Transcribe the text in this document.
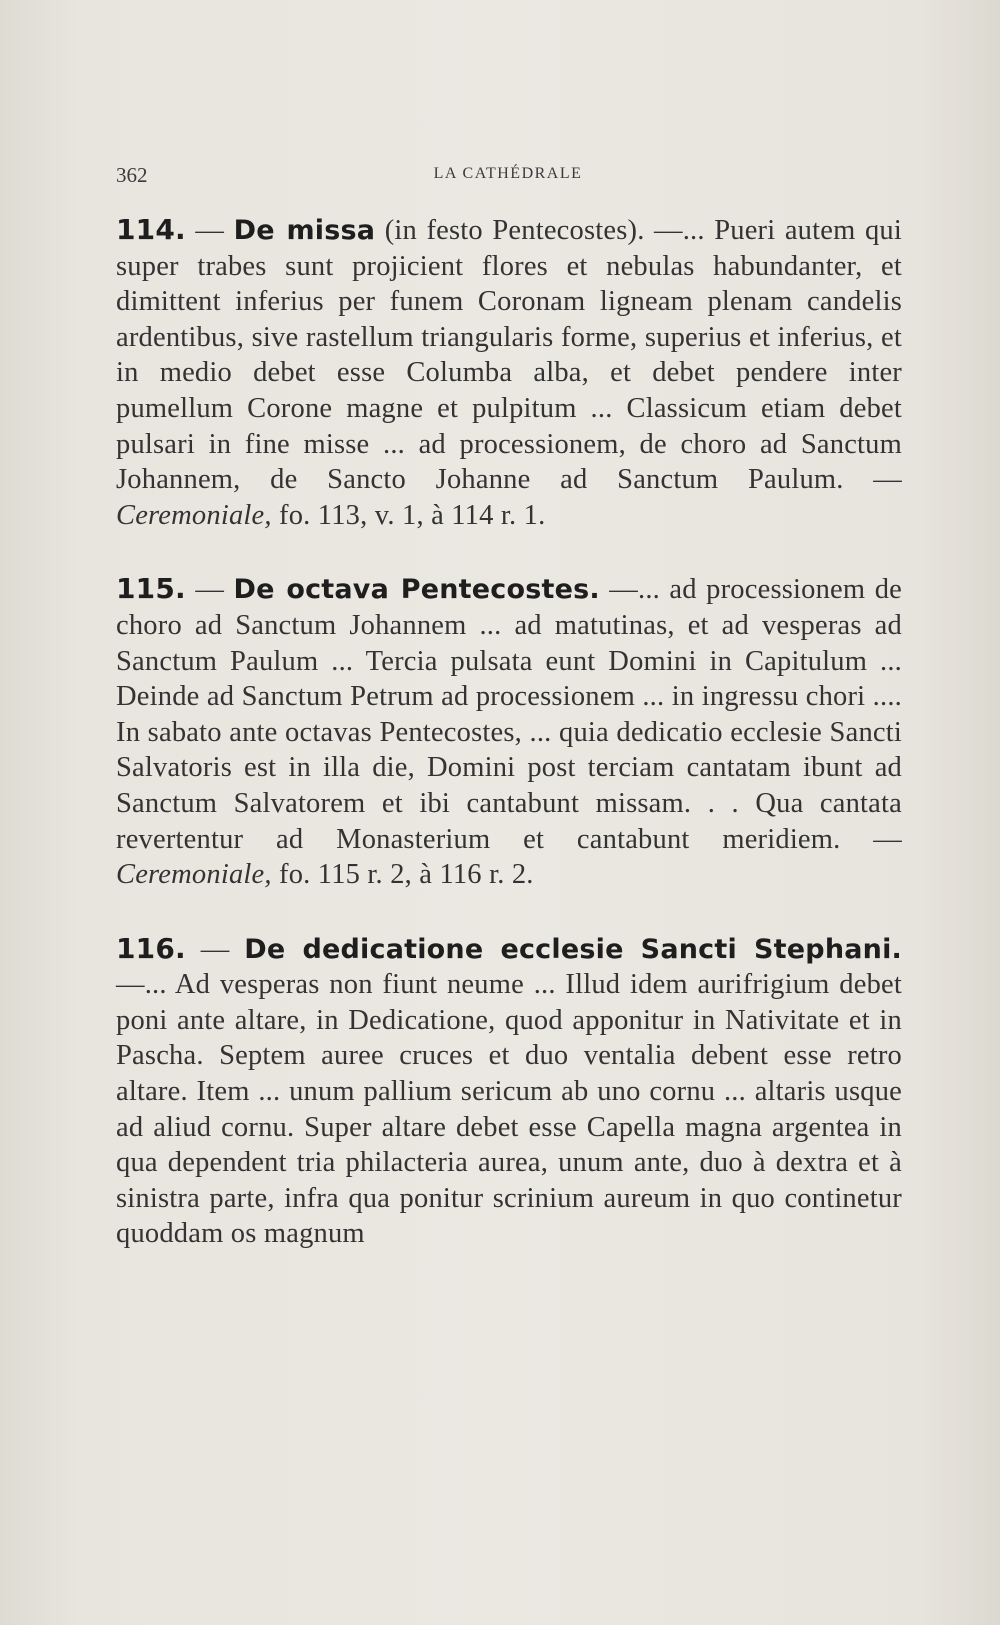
362	LA CATHÉDRALE

114. — De missa (in festo Pentecostes). —... Pueri autem qui super trabes sunt projicient flores et nebulas habundanter, et dimittent inferius per funem Coronam ligneam plenam candelis ardentibus, sive rastellum triangularis forme, superius et inferius, et in medio debet esse Columba alba, et debet pendere inter pumellum Corone magne et pulpitum ... Classicum etiam debet pulsari in fine misse ... ad processionem, de choro ad Sanctum Johannem, de Sancto Johanne ad Sanctum Paulum. — Ceremoniale, fo. 113, v. 1, à 114 r. 1.

115. — De octava Pentecostes. —... ad processionem de choro ad Sanctum Johannem ... ad matutinas, et ad vesperas ad Sanctum Paulum ... Tercia pulsata eunt Domini in Capitulum ... Deinde ad Sanctum Petrum ad processionem ... in ingressu chori .... In sabato ante octavas Pentecostes, ... quia dedicatio ecclesie Sancti Salvatoris est in illa die, Domini post terciam cantatam ibunt ad Sanctum Salvatorem et ibi cantabunt missam. . . Qua cantata revertentur ad Monasterium et cantabunt meridiem. — Ceremoniale, fo. 115 r. 2, à 116 r. 2.

116. — De dedicatione ecclesie Sancti Stephani. —... Ad vesperas non fiunt neume ... Illud idem aurifrigium debet poni ante altare, in Dedicatione, quod apponitur in Nativitate et in Pascha. Septem auree cruces et duo ventalia debent esse retro altare. Item ... unum pallium sericum ab uno cornu ... altaris usque ad aliud cornu. Super altare debet esse Capella magna argentea in qua dependent tria philacteria aurea, unum ante, duo à dextra et à sinistra parte, infra qua ponitur scrinium aureum in quo continetur quoddam os magnum
